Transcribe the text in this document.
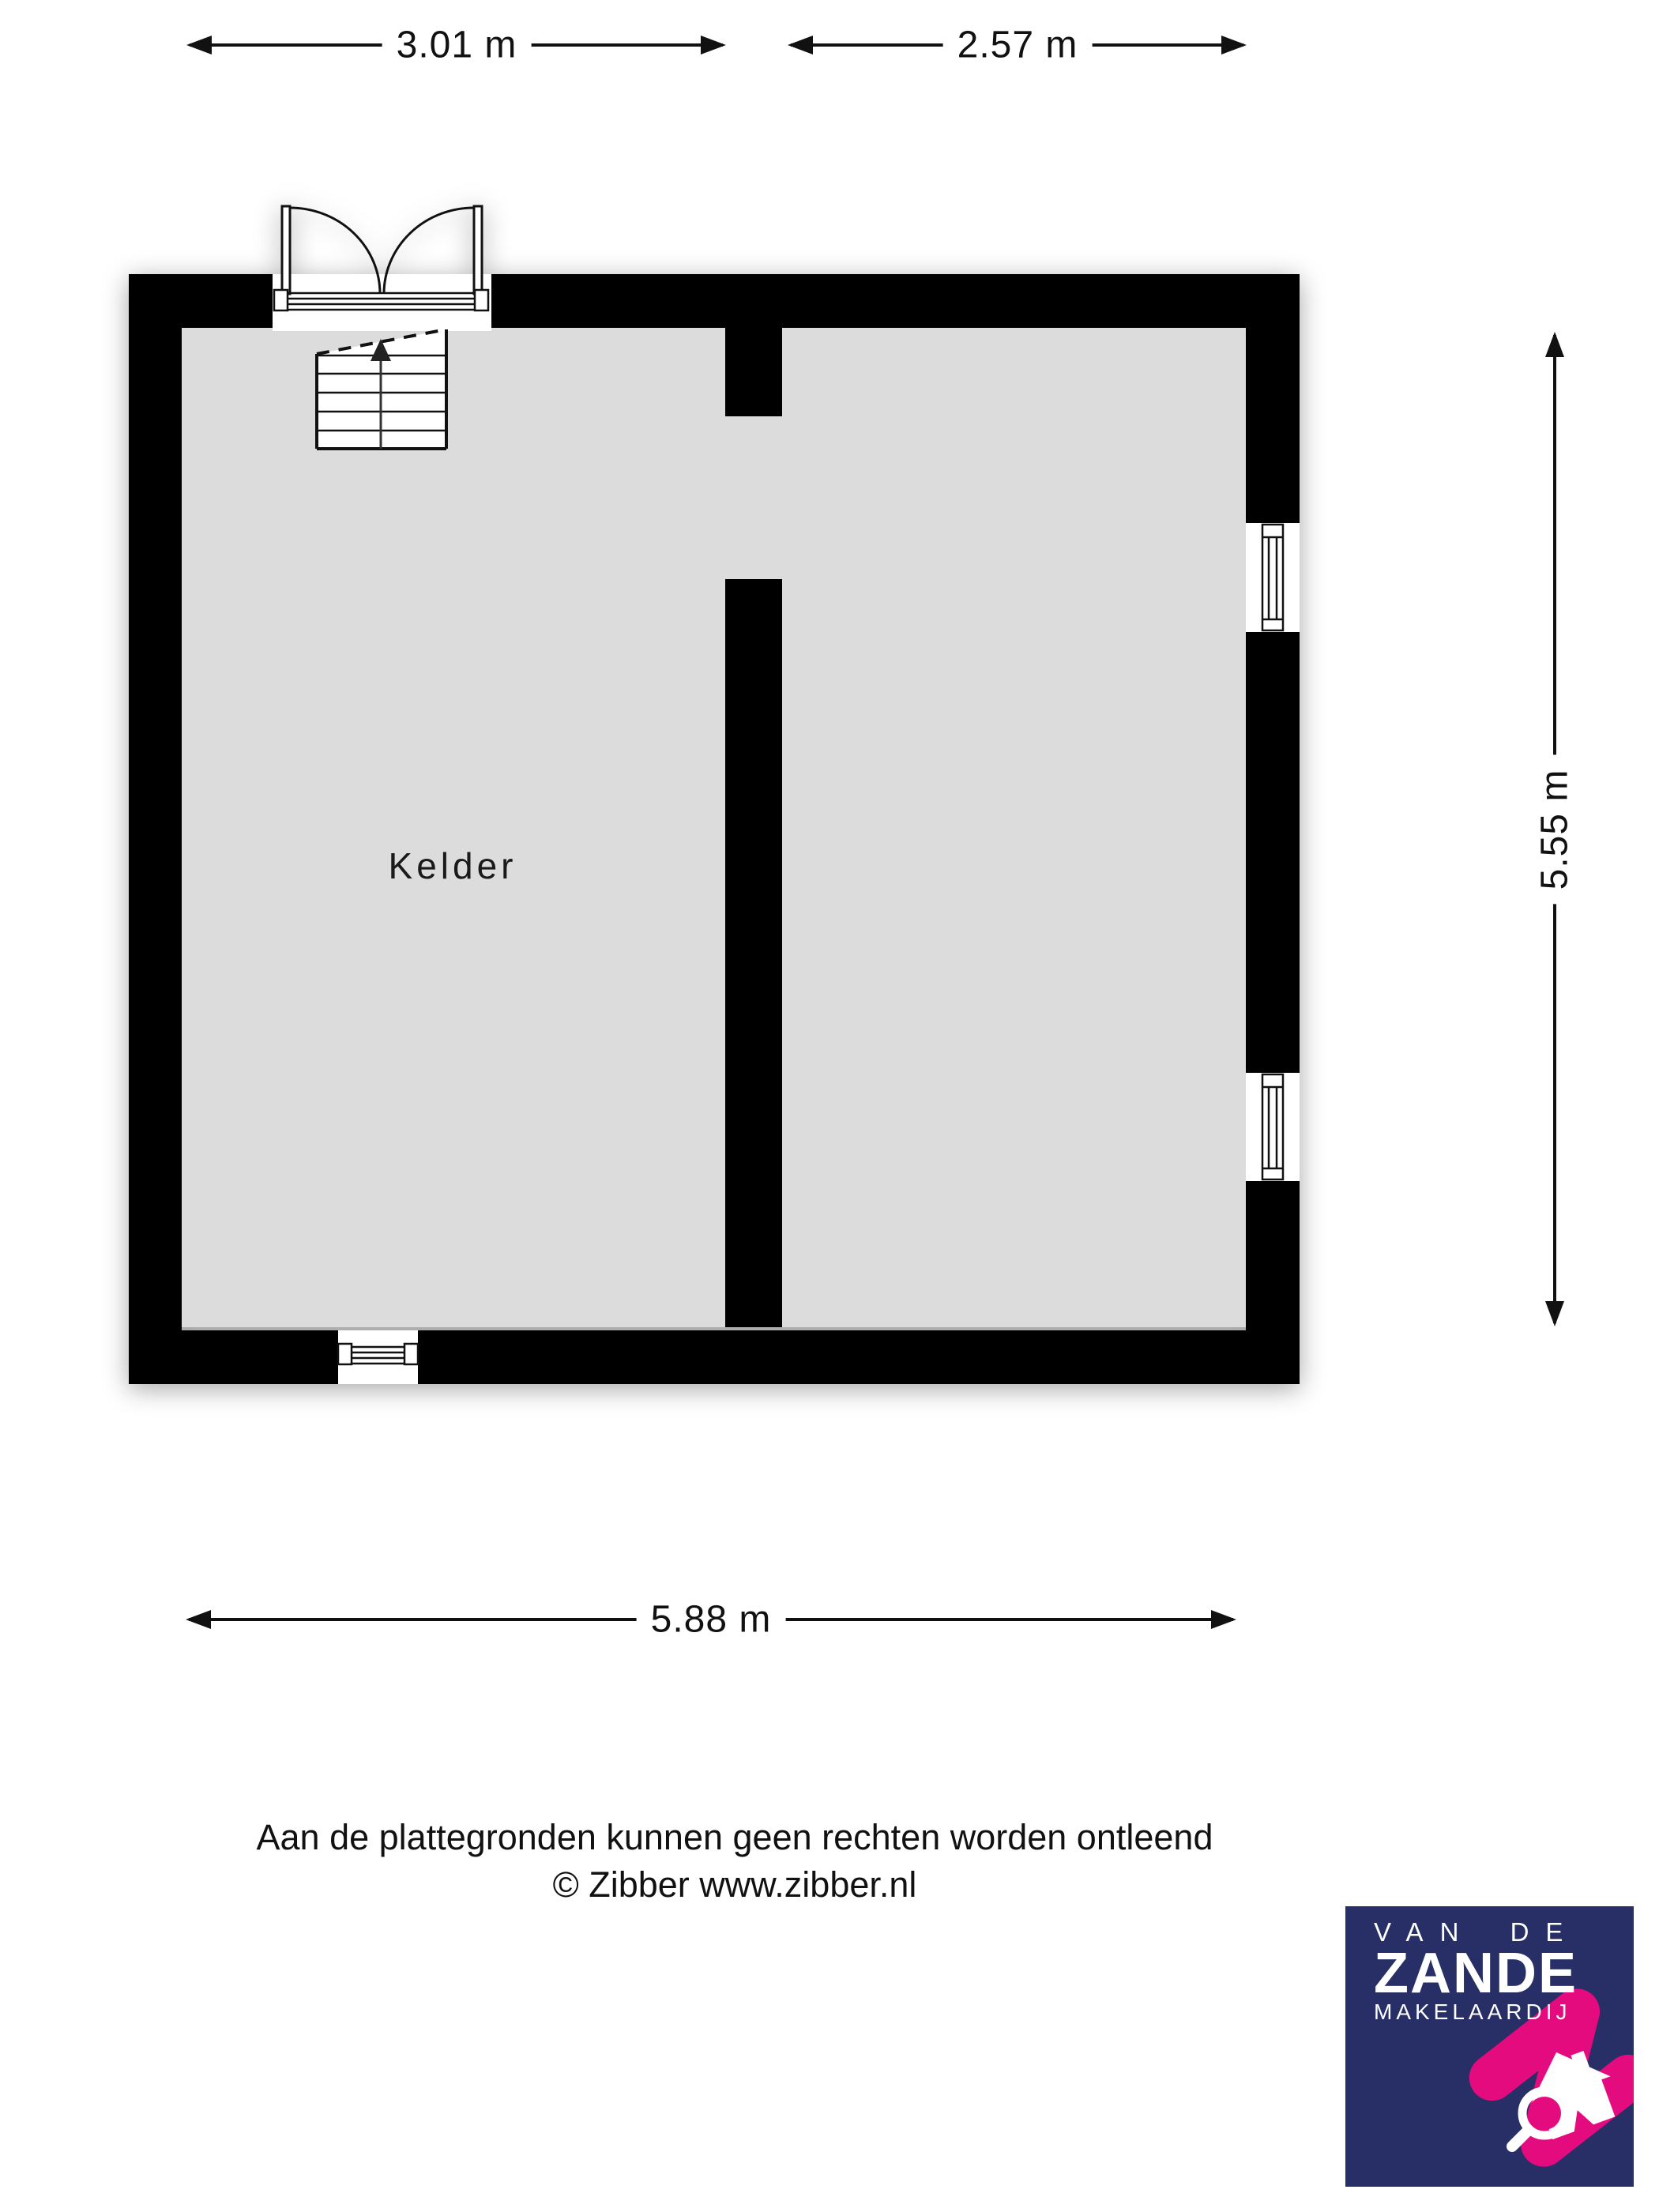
3.01 m	2.57 m
5.55 m
5.88 m
Kelder
Aan de plattegronden kunnen geen rechten worden ontleend
© Zibber www.zibber.nl
VAN DE
ZANDE
MAKELAARDIJ
